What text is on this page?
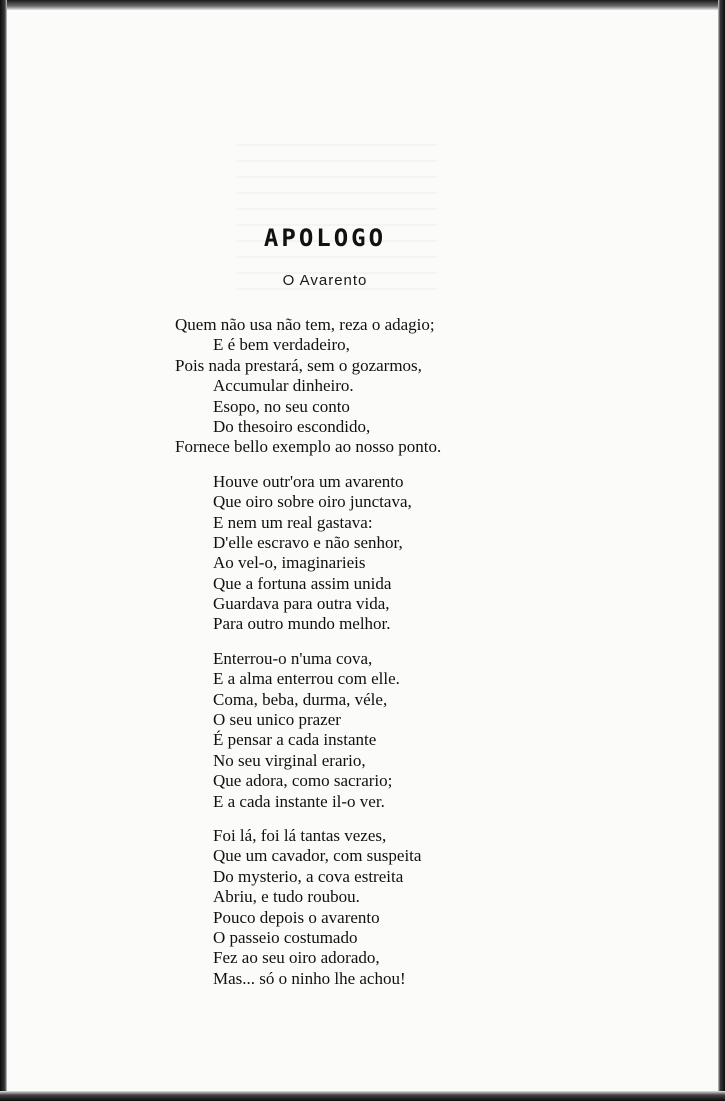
APOLOGO
O Avarento
Quem não usa não tem, reza o adagio;
E é bem verdadeiro,
Pois nada prestará, sem o gozarmos,
Accumular dinheiro.
Esopo, no seu conto
Do thesoiro escondido,
Fornece bello exemplo ao nosso ponto.
Houve outr'ora um avarento
Que oiro sobre oiro junctava,
E nem um real gastava:
D'elle escravo e não senhor,
Ao vel-o, imaginarieis
Que a fortuna assim unida
Guardava para outra vida,
Para outro mundo melhor.
Enterrou-o n'uma cova,
E a alma enterrou com elle.
Coma, beba, durma, véle,
O seu unico prazer
É pensar a cada instante
No seu virginal erario,
Que adora, como sacrario;
E a cada instante il-o ver.
Foi lá, foi lá tantas vezes,
Que um cavador, com suspeita
Do mysterio, a cova estreita
Abriu, e tudo roubou.
Pouco depois o avarento
O passeio costumado
Fez ao seu oiro adorado,
Mas... só o ninho lhe achou!
